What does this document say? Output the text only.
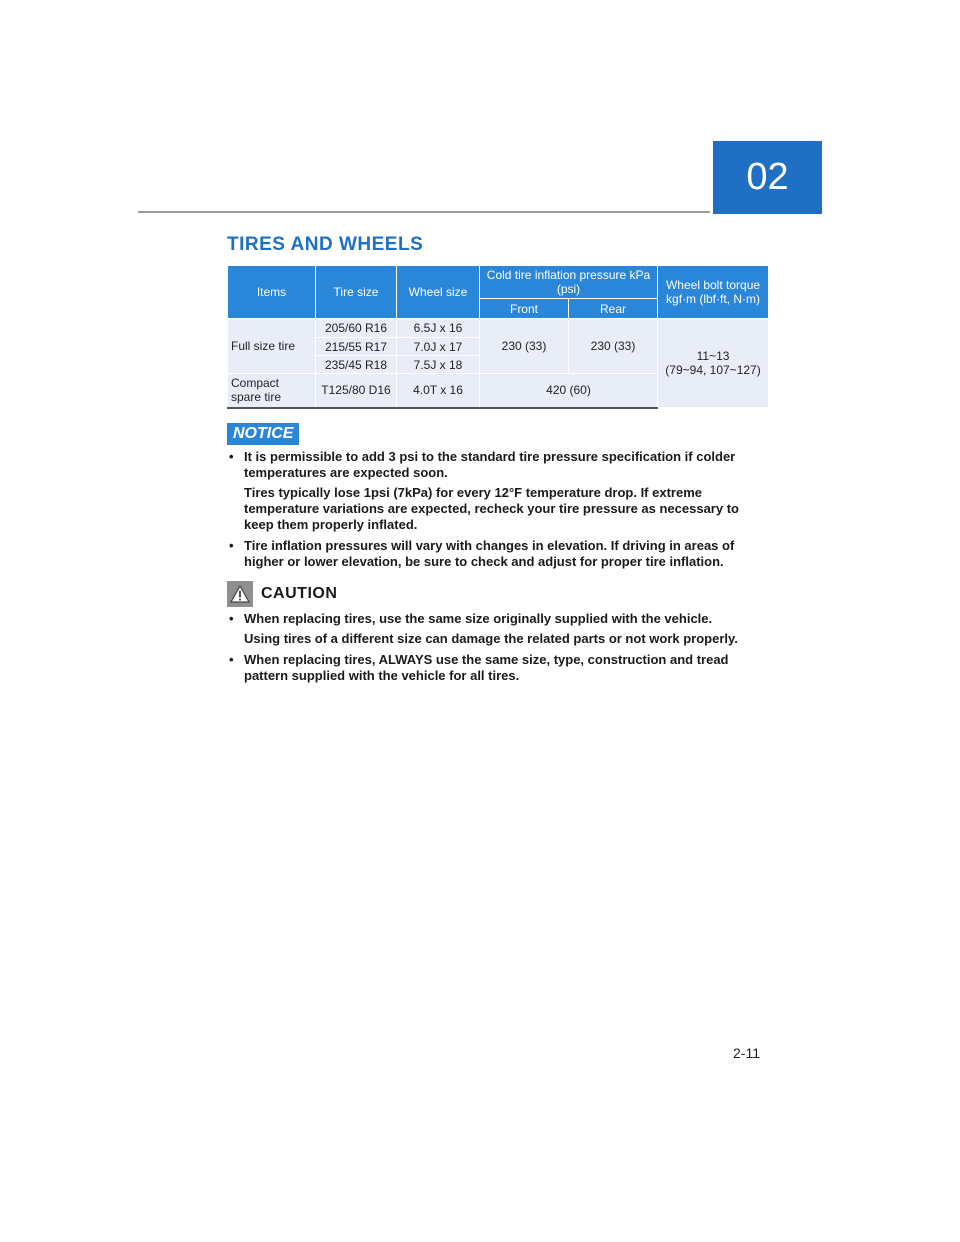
02
TIRES AND WHEELS
Items	Tire size	Wheel size	Cold tire inflation pressure kPa (psi)		Wheel bolt torque kgf·m (lbf·ft, N·m)
			Front	Rear	
Full size tire	205/60 R16	6.5J x 16	230 (33)	230 (33)	11~13
(79~94, 107~127)

	215/55 R17	7.0J x 17			
	235/45 R18	7.5J x 18			
Compact spare tire	T125/80 D16	4.0T x 16	420 (60)		
NOTICE
• It is permissible to add 3 psi to the standard tire pressure specification if colder temperatures are expected soon.

Tires typically lose 1psi (7kPa) for every 12°F temperature drop. If extreme temperature variations are expected, recheck your tire pressure as necessary to keep them properly inflated.

• Tire inflation pressures will vary with changes in elevation. If driving in areas of higher or lower elevation, be sure to check and adjust for proper tire inflation.

CAUTION
• When replacing tires, use the same size originally supplied with the vehicle.

Using tires of a different size can damage the related parts or not work properly.

• When replacing tires, ALWAYS use the same size, type, construction and tread pattern supplied with the vehicle for all tires.

2-11
